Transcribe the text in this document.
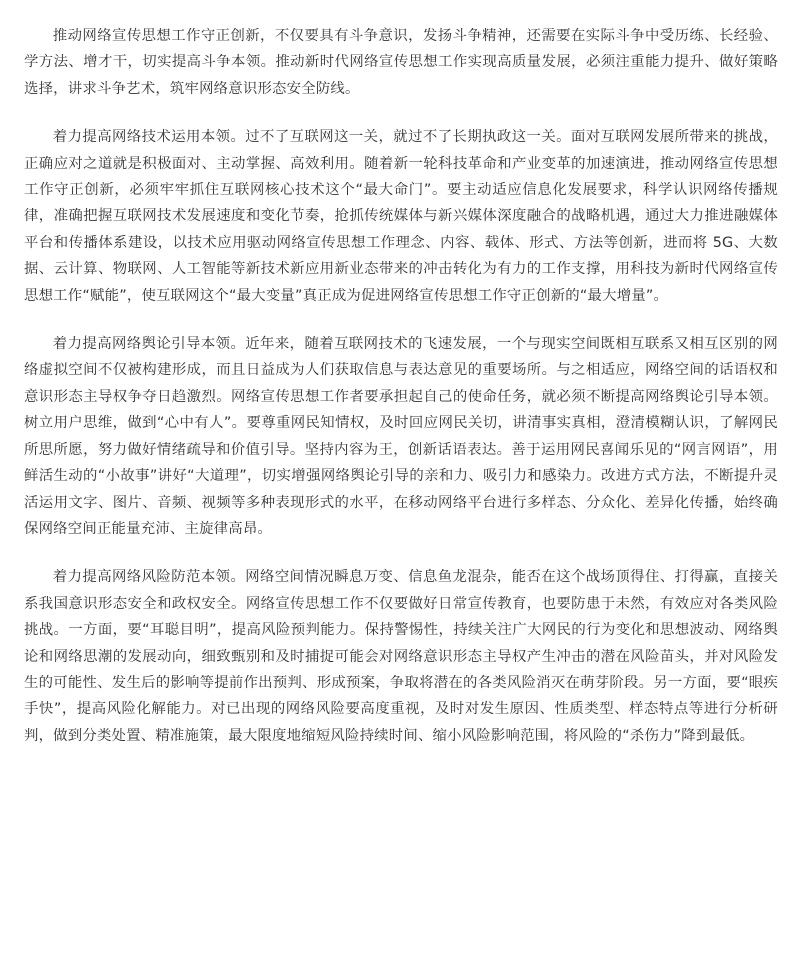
推动网络宣传思想工作守正创新，不仅要具有斗争意识，发扬斗争精神，还需要在实际斗争中受历练、长经验、学方法、增才干，切实提高斗争本领。推动新时代网络宣传思想工作实现高质量发展，必须注重能力提升、做好策略选择，讲求斗争艺术，筑牢网络意识形态安全防线。

着力提高网络技术运用本领。过不了互联网这一关，就过不了长期执政这一关。面对互联网发展所带来的挑战，正确应对之道就是积极面对、主动掌握、高效利用。随着新一轮科技革命和产业变革的加速演进，推动网络宣传思想工作守正创新，必须牢牢抓住互联网核心技术这个“最大命门”。要主动适应信息化发展要求，科学认识网络传播规律，准确把握互联网技术发展速度和变化节奏，抢抓传统媒体与新兴媒体深度融合的战略机遇，通过大力推进融媒体平台和传播体系建设，以技术应用驱动网络宣传思想工作理念、内容、载体、形式、方法等创新，进而将 5G、大数据、云计算、物联网、人工智能等新技术新应用新业态带来的冲击转化为有力的工作支撑，用科技为新时代网络宣传思想工作“赋能”，使互联网这个“最大变量”真正成为促进网络宣传思想工作守正创新的“最大增量”。

着力提高网络舆论引导本领。近年来，随着互联网技术的飞速发展，一个与现实空间既相互联系又相互区别的网络虚拟空间不仅被构建形成，而且日益成为人们获取信息与表达意见的重要场所。与之相适应，网络空间的话语权和意识形态主导权争夺日趋激烈。网络宣传思想工作者要承担起自己的使命任务，就必须不断提高网络舆论引导本领。树立用户思维，做到“心中有人”。要尊重网民知情权，及时回应网民关切，讲清事实真相，澄清模糊认识，了解网民所思所愿，努力做好情绪疏导和价值引导。坚持内容为王，创新话语表达。善于运用网民喜闻乐见的“网言网语”，用鲜活生动的“小故事”讲好“大道理”，切实增强网络舆论引导的亲和力、吸引力和感染力。改进方式方法，不断提升灵活运用文字、图片、音频、视频等多种表现形式的水平，在移动网络平台进行多样态、分众化、差异化传播，始终确保网络空间正能量充沛、主旋律高昂。

着力提高网络风险防范本领。网络空间情况瞬息万变、信息鱼龙混杂，能否在这个战场顶得住、打得赢，直接关系我国意识形态安全和政权安全。网络宣传思想工作不仅要做好日常宣传教育，也要防患于未然，有效应对各类风险挑战。一方面，要“耳聪目明”，提高风险预判能力。保持警惕性，持续关注广大网民的行为变化和思想波动、网络舆论和网络思潮的发展动向，细致甄别和及时捕捉可能会对网络意识形态主导权产生冲击的潜在风险苗头，并对风险发生的可能性、发生后的影响等提前作出预判、形成预案，争取将潜在的各类风险消灭在萌芽阶段。另一方面，要“眼疾手快”，提高风险化解能力。对已出现的网络风险要高度重视，及时对发生原因、性质类型、样态特点等进行分析研判，做到分类处置、精准施策，最大限度地缩短风险持续时间、缩小风险影响范围，将风险的“杀伤力”降到最低。
